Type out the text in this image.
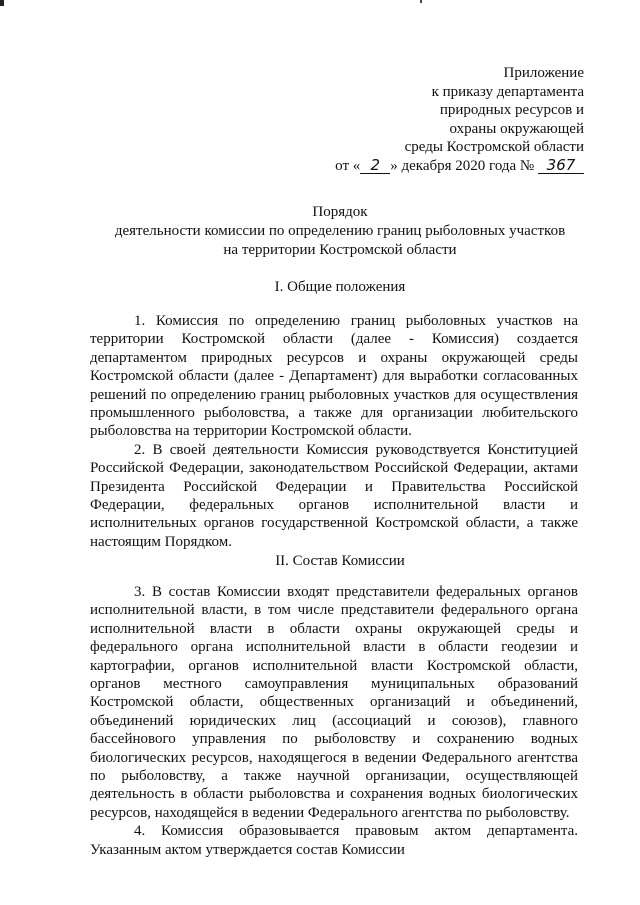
Приложение
к приказу департамента
природных ресурсов и
охраны окружающей
среды Костромской области
от « 2 » декабря 2020 года № 367
Порядок
деятельности комиссии по определению границ рыболовных участков
на территории Костромской области
I. Общие положения

1. Комиссия по определению границ рыболовных участков на территории Костромской области (далее - Комиссия) создается департаментом природных ресурсов и охраны окружающей среды Костромской области (далее - Департамент) для выработки согласованных решений по определению границ рыболовных участков для осуществления промышленного рыболовства, а также для организации любительского рыболовства на территории Костромской области.

2. В своей деятельности Комиссия руководствуется Конституцией Российской Федерации, законодательством Российской Федерации, актами Президента Российской Федерации и Правительства Российской Федерации, федеральных органов исполнительной власти и исполнительных органов государственной Костромской области, а также настоящим Порядком.

II. Состав Комиссии

3. В состав Комиссии входят представители федеральных органов исполнительной власти, в том числе представители федерального органа исполнительной власти в области охраны окружающей среды и федерального органа исполнительной власти в области геодезии и картографии, органов исполнительной власти Костромской области, органов местного самоуправления муниципальных образований Костромской области, общественных организаций и объединений, объединений юридических лиц (ассоциаций и союзов), главного бассейнового управления по рыболовству и сохранению водных биологических ресурсов, находящегося в ведении Федерального агентства по рыболовству, а также научной организации, осуществляющей деятельность в области рыболовства и сохранения водных биологических ресурсов, находящейся в ведении Федерального агентства по рыболовству.

4. Комиссия образовывается правовым актом департамента. Указанным актом утверждается состав Комиссии
